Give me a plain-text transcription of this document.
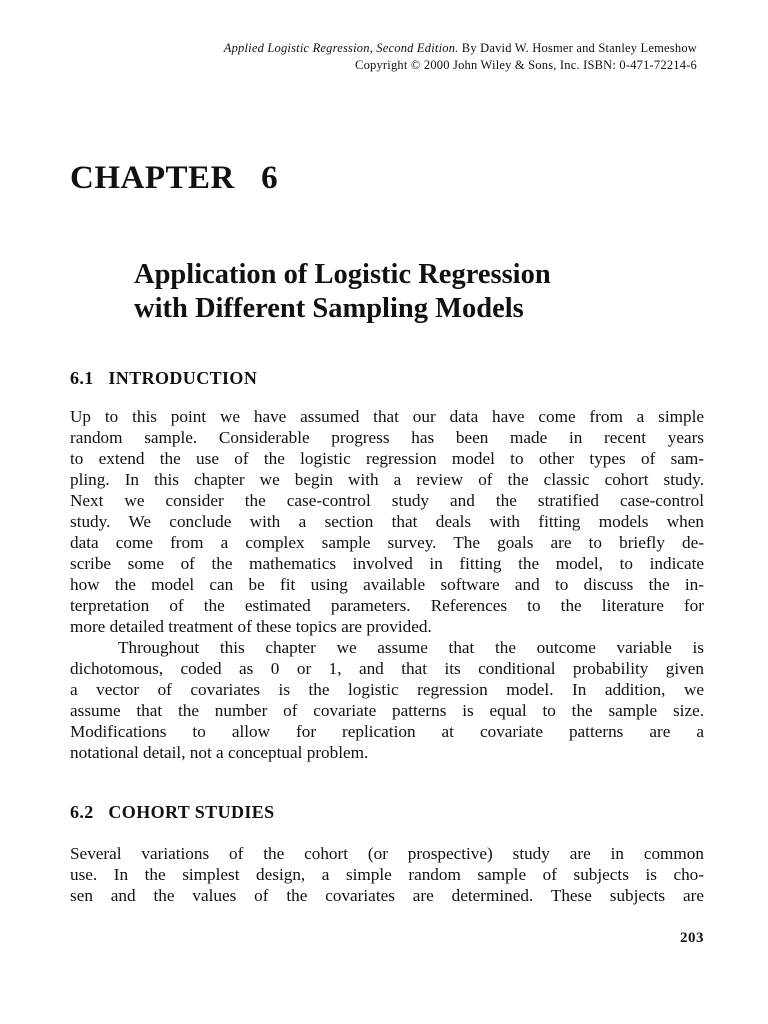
Applied Logistic Regression, Second Edition. By David W. Hosmer and Stanley Lemeshow
Copyright © 2000 John Wiley & Sons, Inc. ISBN: 0-471-72214-6
CHAPTER   6
Application of Logistic Regression
with Different Sampling Models
6.1   INTRODUCTION
Up to this point we have assumed that our data have come from a simple
random sample. Considerable progress has been made in recent years
to extend the use of the logistic regression model to other types of sam-
pling. In this chapter we begin with a review of the classic cohort study.
Next we consider the case-control study and the stratified case-control
study. We conclude with a section that deals with fitting models when
data come from a complex sample survey. The goals are to briefly de-
scribe some of the mathematics involved in fitting the model, to indicate
how the model can be fit using available software and to discuss the in-
terpretation of the estimated parameters. References to the literature for
more detailed treatment of these topics are provided.
Throughout this chapter we assume that the outcome variable is
dichotomous, coded as 0 or 1, and that its conditional probability given
a vector of covariates is the logistic regression model. In addition, we
assume that the number of covariate patterns is equal to the sample size.
Modifications to allow for replication at covariate patterns are a
notational detail, not a conceptual problem.
6.2   COHORT STUDIES
Several variations of the cohort (or prospective) study are in common
use. In the simplest design, a simple random sample of subjects is cho-
sen and the values of the covariates are determined. These subjects are
203
